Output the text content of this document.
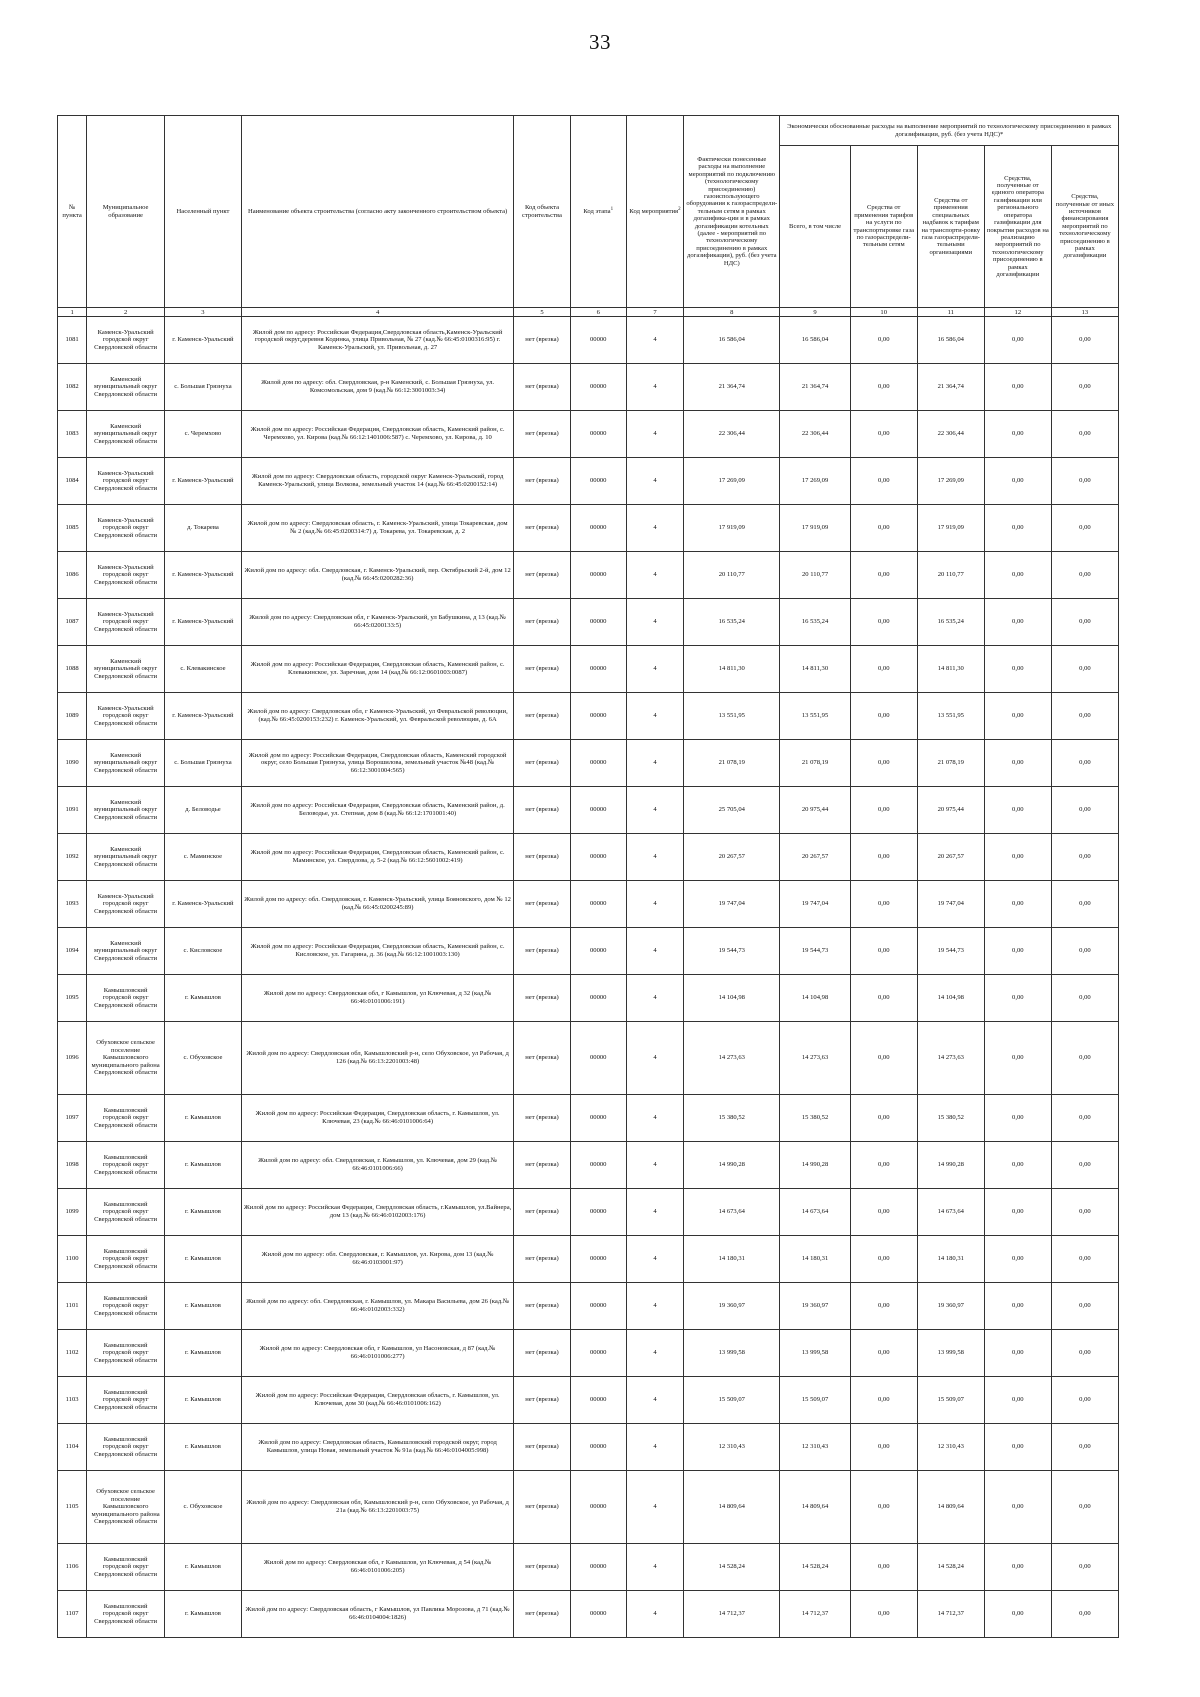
33
№ пункта	Муниципальное образование	Населенный пункт	Наименование объекта строительства (согласно акту законченного строительством объекта)	Код объекта строительства	Код этапа$^1$	Код мероприятия$^2$	Фактически понесенные расходы на выполнение мероприятий по подключению (технологическому присоединению) газоиспользующего оборудования к газораспредели-тельным сетям в рамках догазифика-ции и в рамках догазификации котельных (далее - мероприятий по технологическому присоединению в рамках догазификации), руб. (без учета НДС)	Экономически обоснованные расходы на выполнение мероприятий по технологическому присоединению в рамках догазификации, руб. (без учета НДС)*				
								Всего, в том числе	Средства от применения тарифов на услуги по транспортировке газа по газораспредели-тельным сетям	Средства от применения специальных надбавок к тарифам на транспорти-ровку газа газораспредели-тельными организациями	Средства, полученные от единого оператора газификации или регионального оператора газификации для покрытия расходов на реализацию мероприятий по технологическому присоединению в рамках догазификации	Средства, полученные от иных источников финансирования мероприятий по технологическому присоединению в рамках догазификации
1	2	3	4	5	6	7	8	9	10	11	12	13
1081	Каменск-Уральский городской округ Свердловской области	г. Каменск-Уральский	Жилой дом по адресу: Российская Федерация,Свердловская область,Каменск-Уральский городской округ,деревня Кодинка, улица Привольная, № 27 (кад.№ 66:45:0100316:95) г. Каменск-Уральский, ул. Привольная, д. 27	нет (врезка)	00000	4	16 586,04	16 586,04	0,00	16 586,04	0,00	0,00
1082	Каменский муниципальный округ Свердловской области	с. Большая Грязнуха	Жилой дом по адресу: обл. Свердловская, р-н Каменский, с. Большая Грязнуха, ул. Комсомольская, дом 9 (кад.№ 66:12:3001003:34)	нет (врезка)	00000	4	21 364,74	21 364,74	0,00	21 364,74	0,00	0,00
1083	Каменский муниципальный округ Свердловской области	с. Черемхово	Жилой дом по адресу: Российская Федерация, Свердловская область, Каменский район, с. Черемхово, ул. Кирова (кад.№ 66:12:1401006:587) с. Черемхово, ул. Кирова, д. 10	нет (врезка)	00000	4	22 306,44	22 306,44	0,00	22 306,44	0,00	0,00
1084	Каменск-Уральский городской округ Свердловской области	г. Каменск-Уральский	Жилой дом по адресу: Свердловская область, городской округ Каменск-Уральский, город Каменск-Уральский, улица Волкова, земельный участок 14 (кад.№ 66:45:0200152:14)	нет (врезка)	00000	4	17 269,09	17 269,09	0,00	17 269,09	0,00	0,00
1085	Каменск-Уральский городской округ Свердловской области	д. Токарева	Жилой дом по адресу: Свердловская область, г. Каменск-Уральский, улица Токаревская, дом № 2 (кад.№ 66:45:0200314:7) д. Токарева, ул. Токаревская, д. 2	нет (врезка)	00000	4	17 919,09	17 919,09	0,00	17 919,09	0,00	0,00
1086	Каменск-Уральский городской округ Свердловской области	г. Каменск-Уральский	Жилой дом по адресу: обл. Свердловская, г. Каменск-Уральский, пер. Октябрьский 2-й, дом 12 (кад.№ 66:45:0200282:36)	нет (врезка)	00000	4	20 110,77	20 110,77	0,00	20 110,77	0,00	0,00
1087	Каменск-Уральский городской округ Свердловской области	г. Каменск-Уральский	Жилой дом по адресу: Свердловская обл, г Каменск-Уральский, ул Бабушкина, д 13 (кад.№ 66:45:0200133:5)	нет (врезка)	00000	4	16 535,24	16 535,24	0,00	16 535,24	0,00	0,00
1088	Каменский муниципальный округ Свердловской области	с. Клевакинское	Жилой дом по адресу: Российская Федерация, Свердловская область, Каменский район, с. Клевакинское, ул. Заречная, дом 14 (кад.№ 66:12:0601003:0087)	нет (врезка)	00000	4	14 811,30	14 811,30	0,00	14 811,30	0,00	0,00
1089	Каменск-Уральский городской округ Свердловской области	г. Каменск-Уральский	Жилой дом по адресу: Свердловская обл, г Каменск-Уральский, ул Февральской революции, (кад.№ 66:45:0200153:232) г. Каменск-Уральский, ул. Февральской революции, д. 6А	нет (врезка)	00000	4	13 551,95	13 551,95	0,00	13 551,95	0,00	0,00
1090	Каменский муниципальный округ Свердловской области	с. Большая Грязнуха	Жилой дом по адресу: Российская Федерация, Свердловская область, Каменский городской округ, село Большая Грязнуха, улица Ворошилова, земельный участок №48 (кад.№ 66:12:3001004:565)	нет (врезка)	00000	4	21 078,19	21 078,19	0,00	21 078,19	0,00	0,00
1091	Каменский муниципальный округ Свердловской области	д. Беловодье	Жилой дом по адресу: Российская Федерация, Свердловская область, Каменский район, д. Беловодье, ул. Степная, дом 8 (кад.№ 66:12:1701001:40)	нет (врезка)	00000	4	25 705,04	20 975,44	0,00	20 975,44	0,00	0,00
1092	Каменский муниципальный округ Свердловской области	с. Маминское	Жилой дом по адресу: Российская Федерация, Свердловская область, Каменский район, с. Маминское, ул. Свердлова, д. 5-2 (кад.№ 66:12:5601002:419)	нет (врезка)	00000	4	20 267,57	20 267,57	0,00	20 267,57	0,00	0,00
1093	Каменск-Уральский городской округ Свердловской области	г. Каменск-Уральский	Жилой дом по адресу: обл. Свердловская, г. Каменск-Уральский, улица Бояновского, дом № 12 (кад.№ 66:45:0200245:89)	нет (врезка)	00000	4	19 747,04	19 747,04	0,00	19 747,04	0,00	0,00
1094	Каменский муниципальный округ Свердловской области	с. Кисловское	Жилой дом по адресу: Российская Федерация, Свердловская область, Каменский район, с. Кисловское, ул. Гагарина, д. 36 (кад.№ 66:12:1001003:130)	нет (врезка)	00000	4	19 544,73	19 544,73	0,00	19 544,73	0,00	0,00
1095	Камышловский городской округ Свердловской области	г. Камышлов	Жилой дом по адресу: Свердловская обл, г Камышлов, ул Ключевая, д 32 (кад.№ 66:46:0101006:191)	нет (врезка)	00000	4	14 104,98	14 104,98	0,00	14 104,98	0,00	0,00
1096	Обуховское сельское поселение Камышловского муниципального района Свердловской области	с. Обуховское	Жилой дом по адресу: Свердловская обл, Камышловский р-н, село Обуховское, ул Рабочая, д 126 (кад.№ 66:13:2201003:48)	нет (врезка)	00000	4	14 273,63	14 273,63	0,00	14 273,63	0,00	0,00
1097	Камышловский городской округ Свердловской области	г. Камышлов	Жилой дом по адресу: Российская Федерация, Свердловская область, г. Камышлов, ул. Ключевая, 23 (кад.№ 66:46:0101006:64)	нет (врезка)	00000	4	15 380,52	15 380,52	0,00	15 380,52	0,00	0,00
1098	Камышловский городской округ Свердловской области	г. Камышлов	Жилой дом по адресу: обл. Свердловская, г. Камышлов, ул. Ключевая, дом 29 (кад.№ 66:46:0101006:66)	нет (врезка)	00000	4	14 990,28	14 990,28	0,00	14 990,28	0,00	0,00
1099	Камышловский городской округ Свердловской области	г. Камышлов	Жилой дом по адресу: Российская Федерация, Свердловская область, г.Камышлов, ул.Вайнера, дом 13 (кад.№ 66:46:0102003:176)	нет (врезка)	00000	4	14 673,64	14 673,64	0,00	14 673,64	0,00	0,00
1100	Камышловский городской округ Свердловской области	г. Камышлов	Жилой дом по адресу: обл. Свердловская, г. Камышлов, ул. Кирова, дом 13 (кад.№ 66:46:0103001:97)	нет (врезка)	00000	4	14 180,31	14 180,31	0,00	14 180,31	0,00	0,00
1101	Камышловский городской округ Свердловской области	г. Камышлов	Жилой дом по адресу: обл. Свердловская, г. Камышлов, ул. Макара Васильева, дом 26 (кад.№ 66:46:0102003:332)	нет (врезка)	00000	4	19 360,97	19 360,97	0,00	19 360,97	0,00	0,00
1102	Камышловский городской округ Свердловской области	г. Камышлов	Жилой дом по адресу: Свердловская обл, г Камышлов, ул Насоновская, д 87 (кад.№ 66:46:0101006:277)	нет (врезка)	00000	4	13 999,58	13 999,58	0,00	13 999,58	0,00	0,00
1103	Камышловский городской округ Свердловской области	г. Камышлов	Жилой дом по адресу: Российская Федерация, Свердловская область, г. Камышлов, ул. Ключевая, дом 30 (кад.№ 66:46:0101006:162)	нет (врезка)	00000	4	15 509,07	15 509,07	0,00	15 509,07	0,00	0,00
1104	Камышловский городской округ Свердловской области	г. Камышлов	Жилой дом по адресу: Свердловская область, Камышловский городской округ, город Камышлов, улица Новая, земельный участок № 91а (кад.№ 66:46:0104005:998)	нет (врезка)	00000	4	12 310,43	12 310,43	0,00	12 310,43	0,00	0,00
1105	Обуховское сельское поселение Камышловского муниципального района Свердловской области	с. Обуховское	Жилой дом по адресу: Свердловская обл, Камышловский р-н, село Обуховское, ул Рабочая, д 21а (кад.№ 66:13:2201003:75)	нет (врезка)	00000	4	14 809,64	14 809,64	0,00	14 809,64	0,00	0,00
1106	Камышловский городской округ Свердловской области	г. Камышлов	Жилой дом по адресу: Свердловская обл, г Камышлов, ул Ключевая, д 54 (кад.№ 66:46:0101006:205)	нет (врезка)	00000	4	14 528,24	14 528,24	0,00	14 528,24	0,00	0,00
1107	Камышловский городской округ Свердловской области	г. Камышлов	Жилой дом по адресу: Свердловская область, г Камышлов, ул Павлика Морозова, д 71 (кад.№ 66:46:0104004:1826)	нет (врезка)	00000	4	14 712,37	14 712,37	0,00	14 712,37	0,00	0,00
